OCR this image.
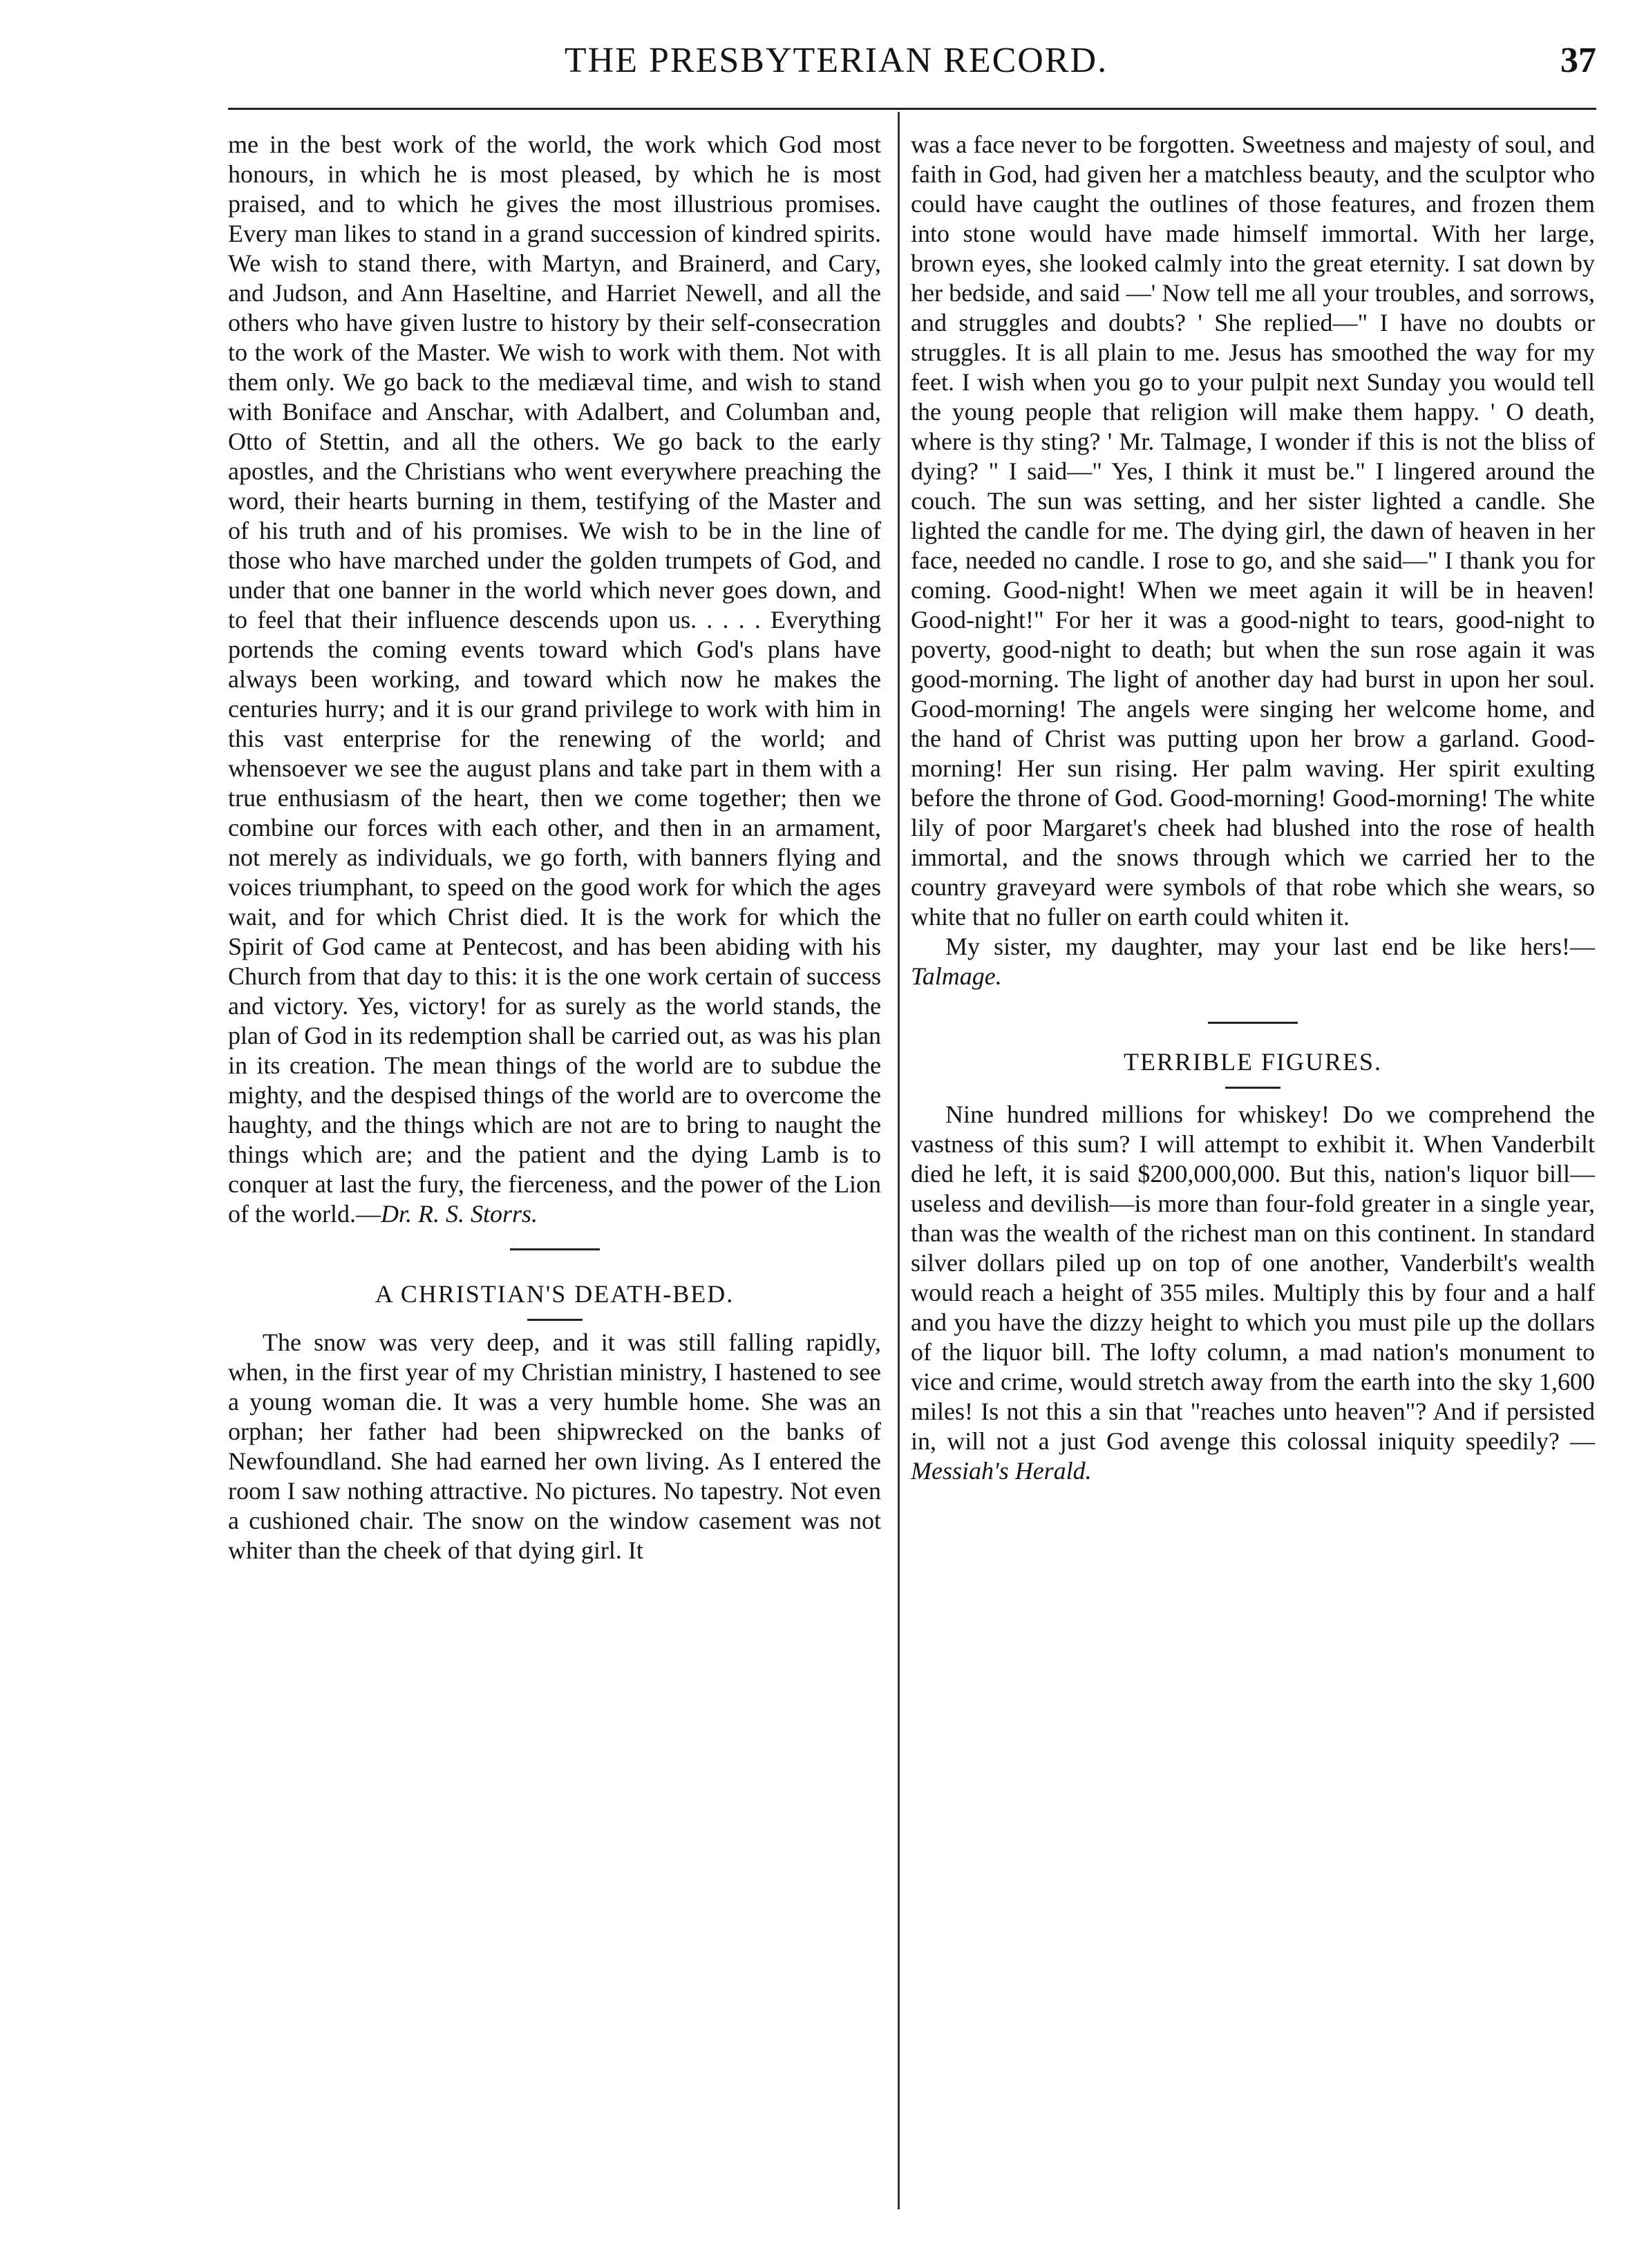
THE PRESBYTERIAN RECORD.	37

me in the best work of the world, the work which God most honours, in which he is most pleased, by which he is most praised, and to which he gives the most illustrious promises. Every man likes to stand in a grand succession of kindred spirits. We wish to stand there, with Martyn, and Brainerd, and Cary, and Judson, and Ann Haseltine, and Harriet Newell, and all the others who have given lustre to history by their self-consecration to the work of the Master. We wish to work with them. Not with them only. We go back to the mediæval time, and wish to stand with Boniface and Anschar, with Adalbert, and Columban and, Otto of Stettin, and all the others. We go back to the early apostles, and the Christians who went everywhere preaching the word, their hearts burning in them, testifying of the Master and of his truth and of his promises. We wish to be in the line of those who have marched under the golden trumpets of God, and under that one banner in the world which never goes down, and to feel that their influence descends upon us. . . . . Everything portends the coming events toward which God's plans have always been working, and toward which now he makes the centuries hurry; and it is our grand privilege to work with him in this vast enterprise for the renewing of the world; and whensoever we see the august plans and take part in them with a true enthusiasm of the heart, then we come together; then we combine our forces with each other, and then in an armament, not merely as individuals, we go forth, with banners flying and voices triumphant, to speed on the good work for which the ages wait, and for which Christ died. It is the work for which the Spirit of God came at Pentecost, and has been abiding with his Church from that day to this: it is the one work certain of success and victory. Yes, victory! for as surely as the world stands, the plan of God in its redemption shall be carried out, as was his plan in its creation. The mean things of the world are to subdue the mighty, and the despised things of the world are to overcome the haughty, and the things which are not are to bring to naught the things which are; and the patient and the dying Lamb is to conquer at last the fury, the fierceness, and the power of the Lion of the world.—Dr. R. S. Storrs.

A CHRISTIAN'S DEATH-BED.

The snow was very deep, and it was still falling rapidly, when, in the first year of my Christian ministry, I hastened to see a young woman die. It was a very humble home. She was an orphan; her father had been shipwrecked on the banks of Newfoundland. She had earned her own living. As I entered the room I saw nothing attractive. No pictures. No tapestry. Not even a cushioned chair. The snow on the window casement was not whiter than the cheek of that dying girl. It

was a face never to be forgotten. Sweetness and majesty of soul, and faith in God, had given her a matchless beauty, and the sculptor who could have caught the outlines of those features, and frozen them into stone would have made himself immortal. With her large, brown eyes, she looked calmly into the great eternity. I sat down by her bedside, and said —' Now tell me all your troubles, and sorrows, and struggles and doubts? ' She replied—" I have no doubts or struggles. It is all plain to me. Jesus has smoothed the way for my feet. I wish when you go to your pulpit next Sunday you would tell the young people that religion will make them happy. ' O death, where is thy sting? ' Mr. Talmage, I wonder if this is not the bliss of dying? " I said—" Yes, I think it must be." I lingered around the couch. The sun was setting, and her sister lighted a candle. She lighted the candle for me. The dying girl, the dawn of heaven in her face, needed no candle. I rose to go, and she said—" I thank you for coming. Good-night! When we meet again it will be in heaven! Good-night!" For her it was a good-night to tears, good-night to poverty, good-night to death; but when the sun rose again it was good-morning. The light of another day had burst in upon her soul. Good-morning! The angels were singing her welcome home, and the hand of Christ was putting upon her brow a garland. Good-morning! Her sun rising. Her palm waving. Her spirit exulting before the throne of God. Good-morning! Good-morning! The white lily of poor Margaret's cheek had blushed into the rose of health immortal, and the snows through which we carried her to the country graveyard were symbols of that robe which she wears, so white that no fuller on earth could whiten it.

My sister, my daughter, may your last end be like hers!—Talmage.

TERRIBLE FIGURES.

Nine hundred millions for whiskey! Do we comprehend the vastness of this sum? I will attempt to exhibit it. When Vanderbilt died he left, it is said $200,000,000. But this, nation's liquor bill—useless and devilish—is more than four-fold greater in a single year, than was the wealth of the richest man on this continent. In standard silver dollars piled up on top of one another, Vanderbilt's wealth would reach a height of 355 miles. Multiply this by four and a half and you have the dizzy height to which you must pile up the dollars of the liquor bill. The lofty column, a mad nation's monument to vice and crime, would stretch away from the earth into the sky 1,600 miles! Is not this a sin that "reaches unto heaven"? And if persisted in, will not a just God avenge this colossal iniquity speedily? —Messiah's Herald.
